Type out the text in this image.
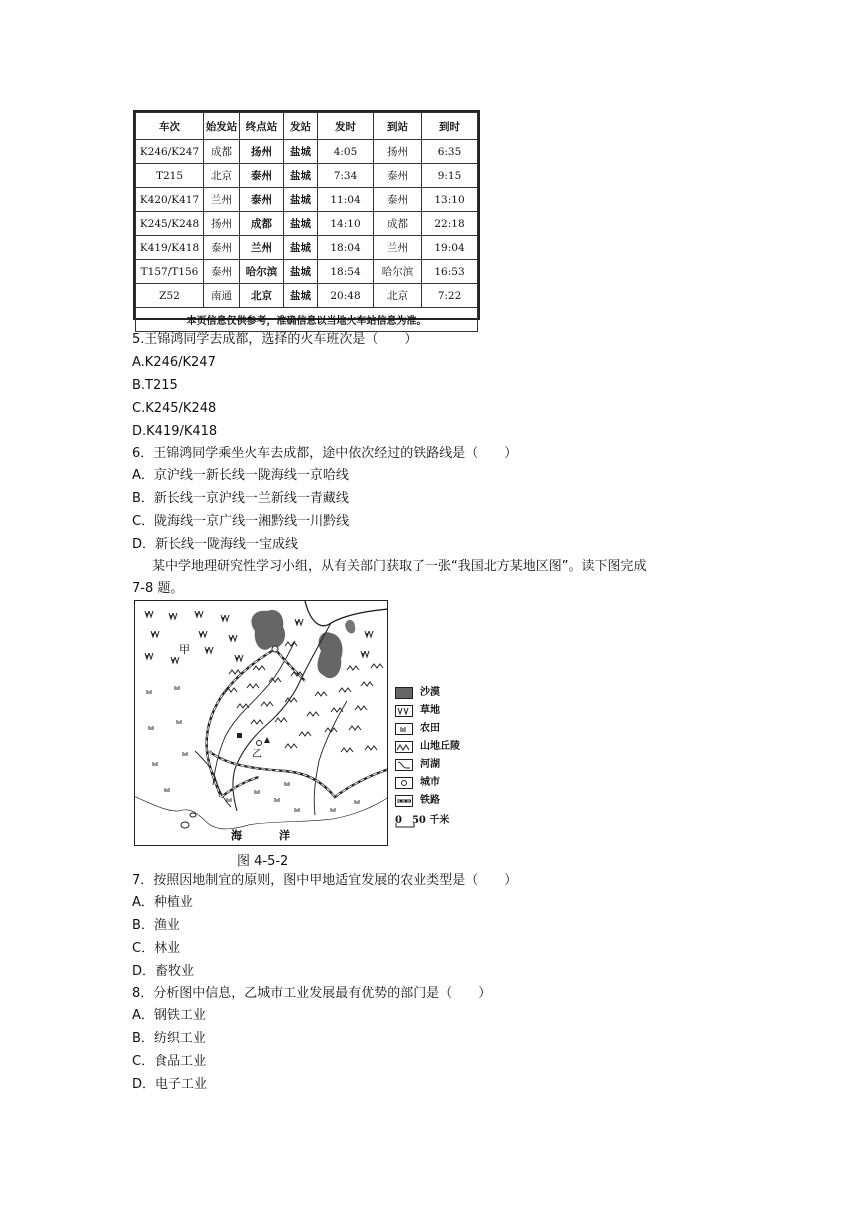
车次	始发站	终点站	发站	发时	到站	到时
K246/K247	成都	扬州	盐城	4:05	扬州	6:35
T215	北京	泰州	盐城	7:34	泰州	9:15
K420/K417	兰州	泰州	盐城	11:04	泰州	13:10
K245/K248	扬州	成都	盐城	14:10	成都	22:18
K419/K418	泰州	兰州	盐城	18:04	兰州	19:04
T157/T156	泰州	哈尔滨	盐城	18:54	哈尔滨	16:53
Z52	南通	北京	盐城	20:48	北京	7:22
本页信息仅供参考，准确信息以当地火车站信息为准。						
5.王锦鸿同学去成都，选择的火车班次是（　　）
A.K246/K247
B.T215
C.K245/K248
D.K419/K418
6．王锦鸿同学乘坐火车去成都，途中依次经过的铁路线是（　　）
A．京沪线一新长线一陇海线一京哈线
B．新长线一京沪线一兰新线一青藏线
C．陇海线一京广线一湘黔线一川黔线
D．新长线一陇海线一宝成线
某中学地理研究性学习小组，从有关部门获取了一张“我国北方某地区图”。读下图完成
7-8 题。
甲
乙
海	洋
沙漠
草地
农田
山地丘陵
河湖
城市
铁路
0　50 千米
图 4-5-2
7．按照因地制宜的原则，图中甲地适宜发展的农业类型是（　　）
A．种植业
B．渔业
C．林业
D．畜牧业
8．分析图中信息，乙城市工业发展最有优势的部门是（　　）
A．钢铁工业
B．纺织工业
C．食品工业
D．电子工业
